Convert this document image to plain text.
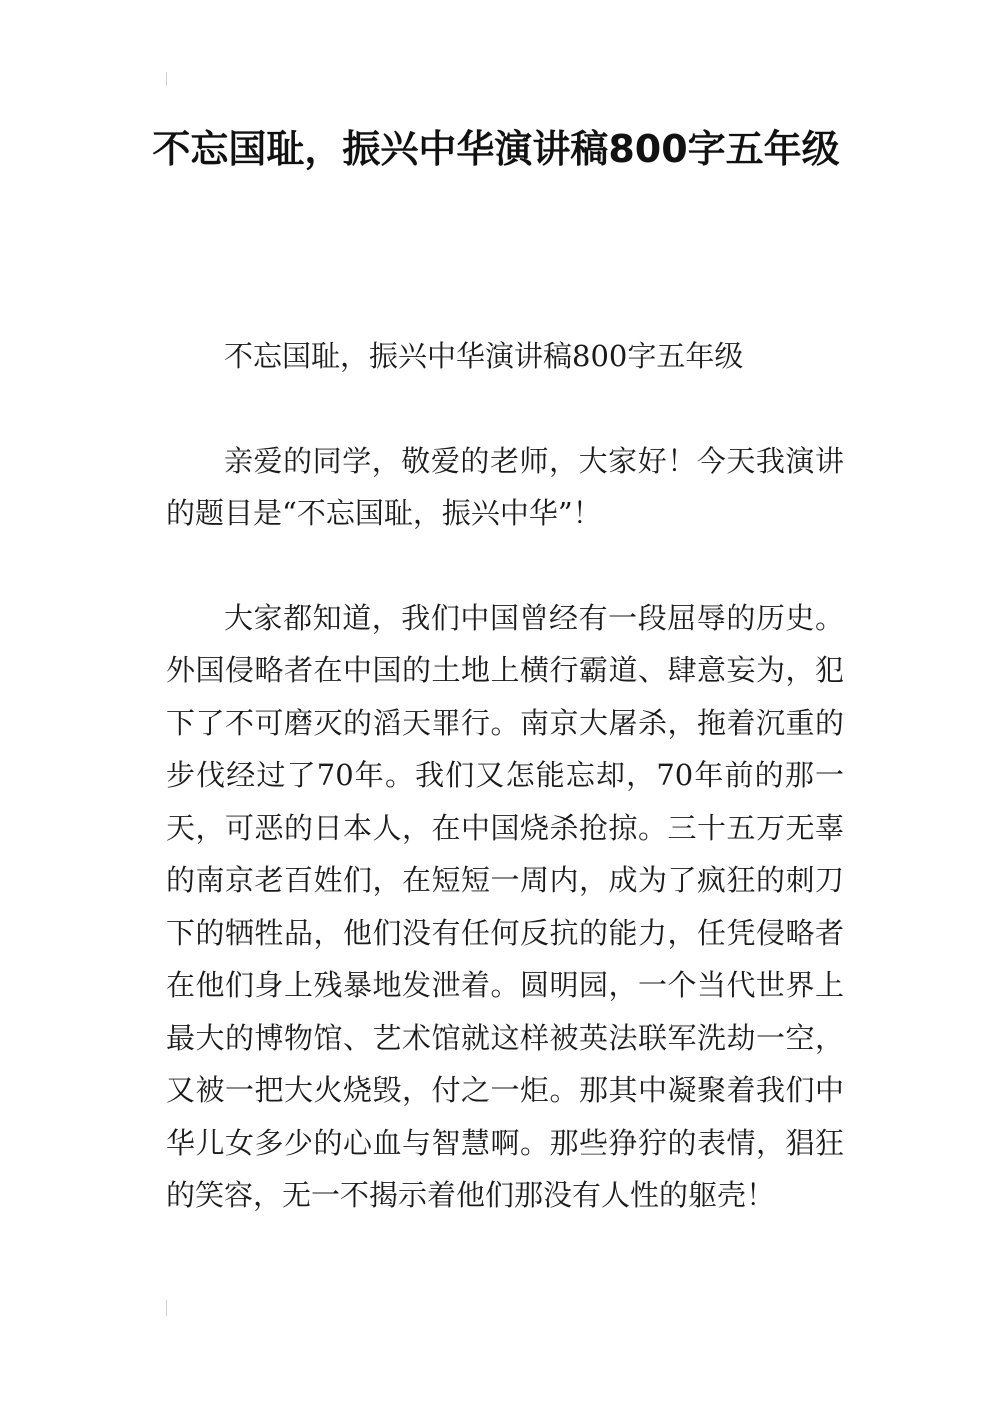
不忘国耻，振兴中华演讲稿800字五年级

不忘国耻，振兴中华演讲稿800字五年级

亲爱的同学，敬爱的老师，大家好！今天我演讲的题目是“不忘国耻，振兴中华”！

大家都知道，我们中国曾经有一段屈辱的历史。外国侵略者在中国的土地上横行霸道、肆意妄为，犯下了不可磨灭的滔天罪行。南京大屠杀，拖着沉重的步伐经过了70年。我们又怎能忘却，70年前的那一天，可恶的日本人，在中国烧杀抢掠。三十五万无辜的南京老百姓们，在短短一周内，成为了疯狂的刺刀下的牺牲品，他们没有任何反抗的能力，任凭侵略者在他们身上残暴地发泄着。圆明园，一个当代世界上最大的博物馆、艺术馆就这样被英法联军洗劫一空，又被一把大火烧毁，付之一炬。那其中凝聚着我们中华儿女多少的心血与智慧啊。那些狰狞的表情，猖狂的笑容，无一不揭示着他们那没有人性的躯壳！
